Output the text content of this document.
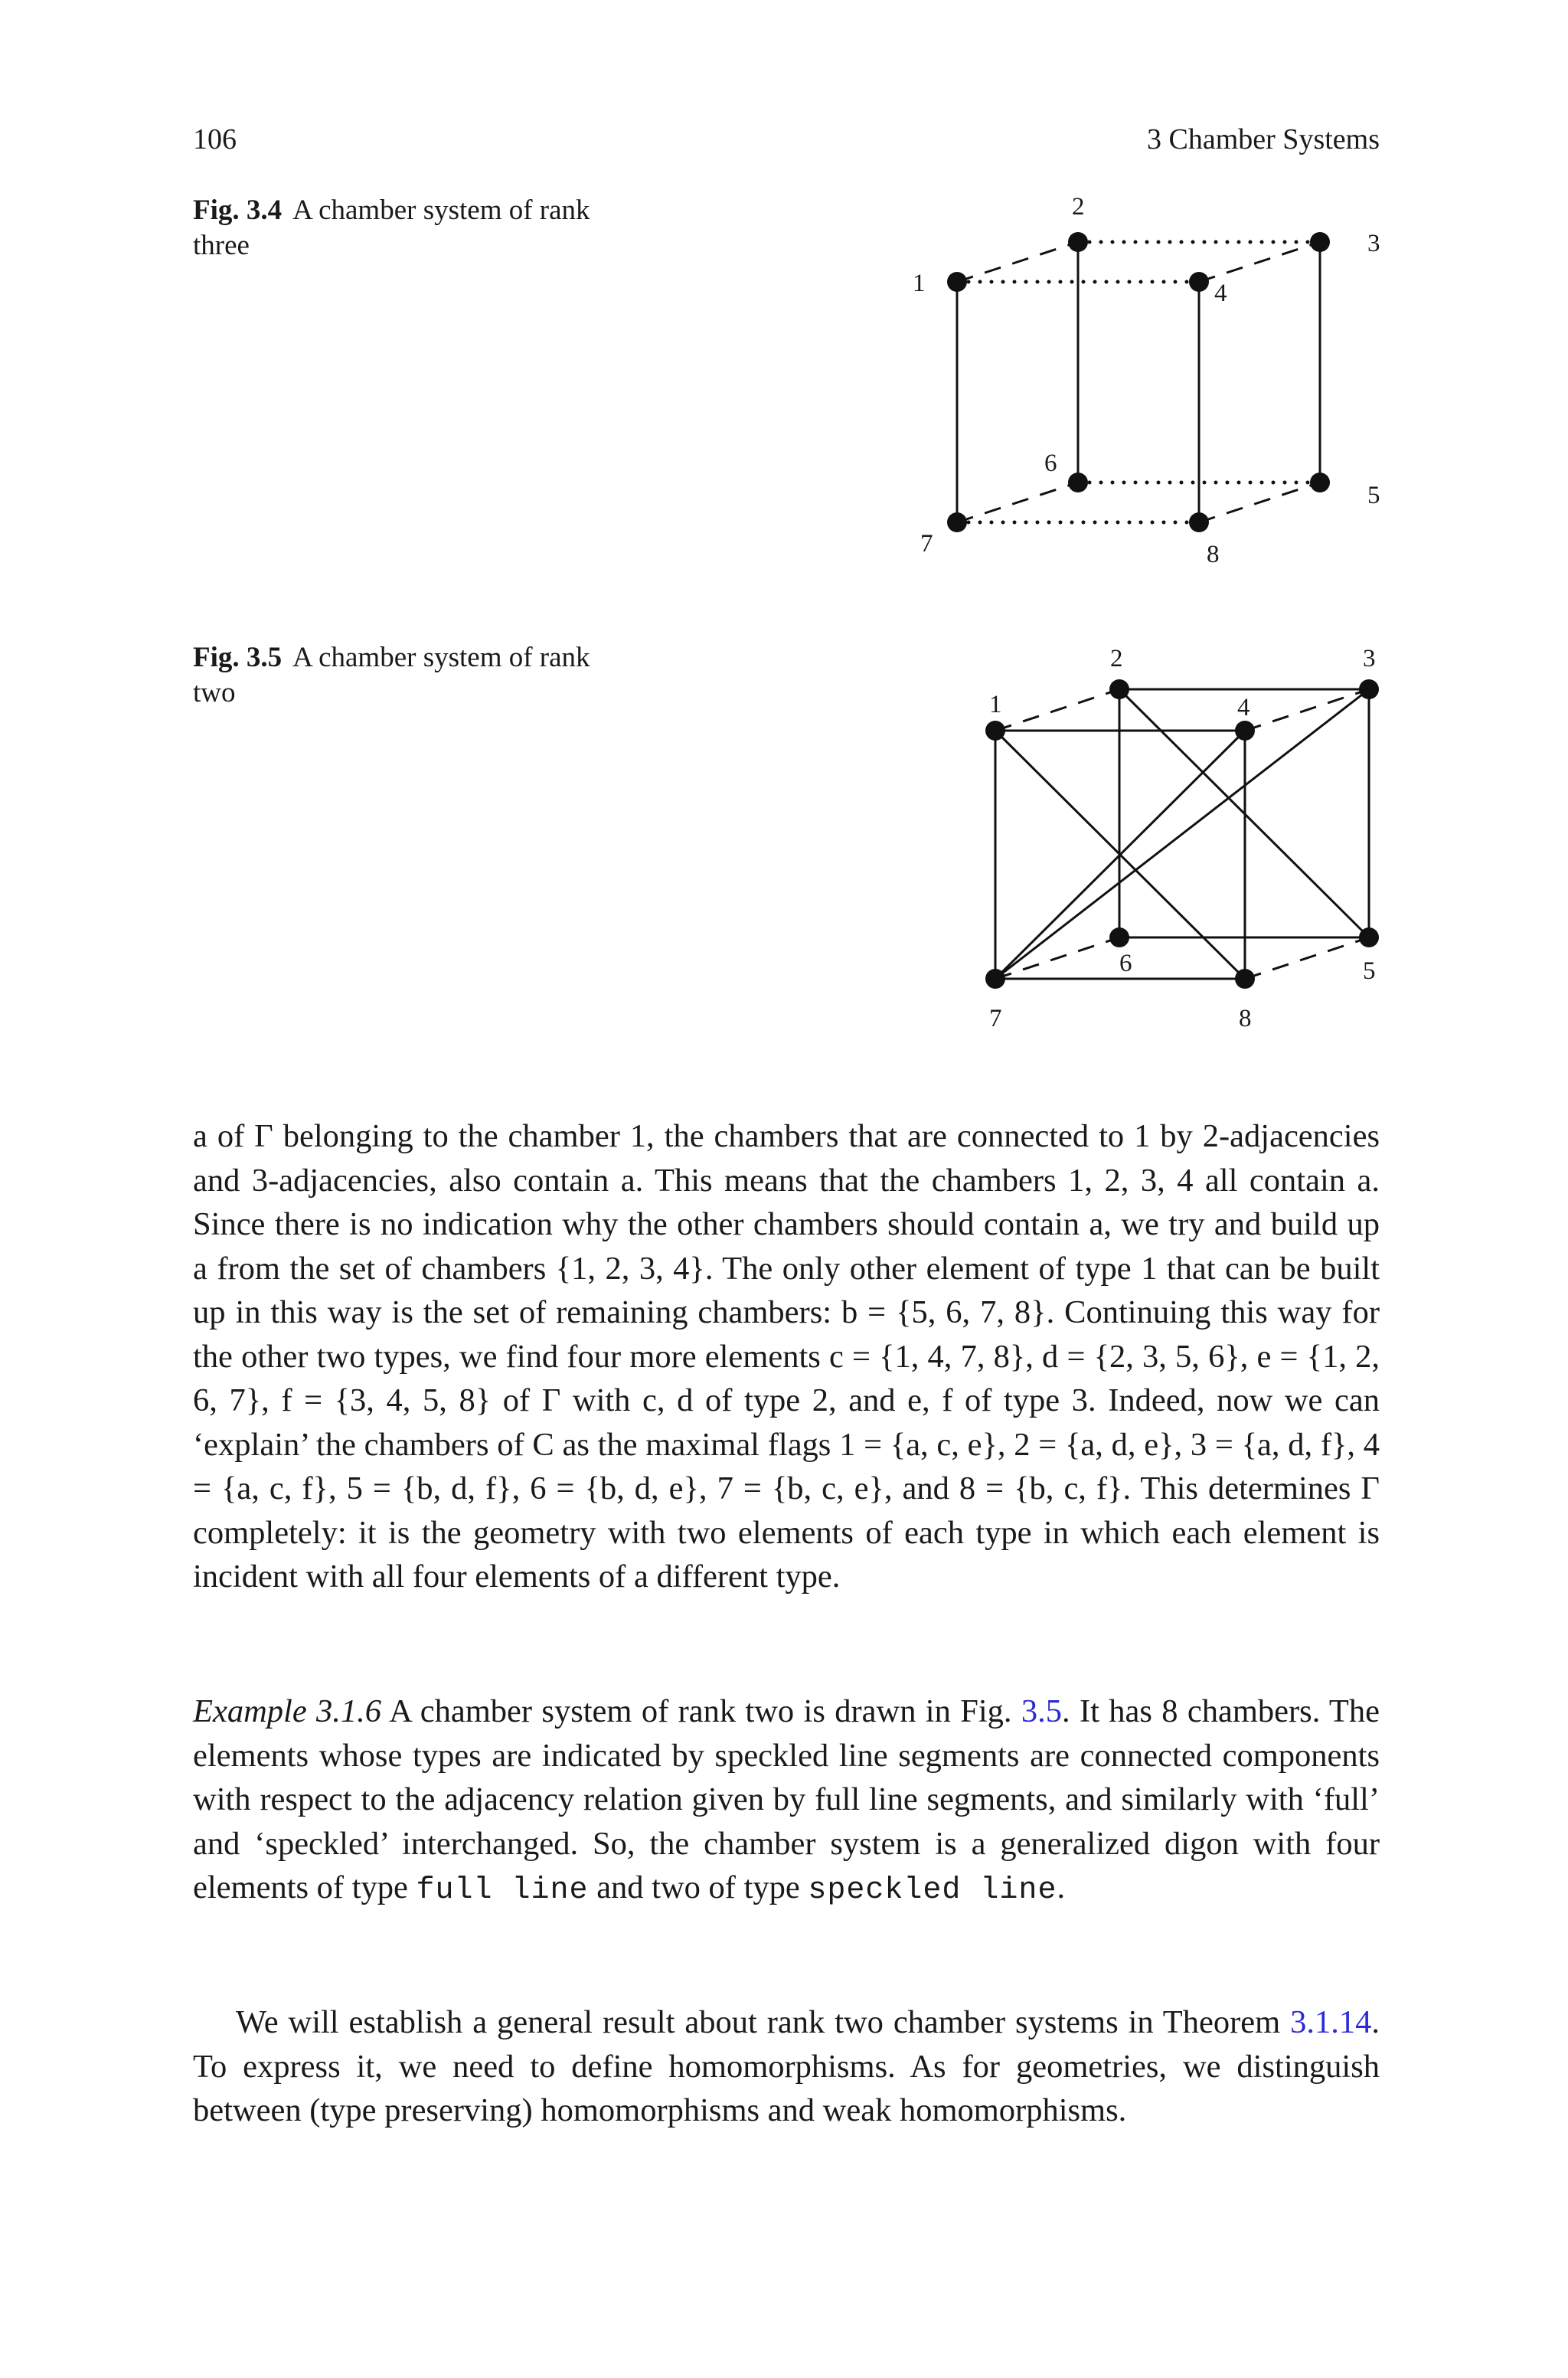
106	3 Chamber Systems
Fig. 3.4 A chamber system of rank three
1
2
3
4
5
6
7	8
Fig. 3.5 A chamber system of rank two	1
2	3
4
5
6
7	8

a of Γ belonging to the chamber 1, the chambers that are connected to 1 by 2-adjacencies and 3-adjacencies, also contain a. This means that the chambers 1, 2, 3, 4 all contain a. Since there is no indication why the other chambers should contain a, we try and build up a from the set of chambers {1, 2, 3, 4}. The only other element of type 1 that can be built up in this way is the set of remaining chambers: b = {5, 6, 7, 8}. Continuing this way for the other two types, we find four more elements c = {1, 4, 7, 8}, d = {2, 3, 5, 6}, e = {1, 2, 6, 7}, f = {3, 4, 5, 8} of Γ with c, d of type 2, and e, f of type 3. Indeed, now we can ‘explain’ the chambers of C as the maximal flags 1 = {a, c, e}, 2 = {a, d, e}, 3 = {a, d, f}, 4 = {a, c, f}, 5 = {b, d, f}, 6 = {b, d, e}, 7 = {b, c, e}, and 8 = {b, c, f}. This determines Γ completely: it is the geometry with two elements of each type in which each element is incident with all four elements of a different type.

Example 3.1.6 A chamber system of rank two is drawn in Fig. 3.5. It has 8 chambers. The elements whose types are indicated by speckled line segments are connected components with respect to the adjacency relation given by full line segments, and similarly with ‘full’ and ‘speckled’ interchanged. So, the chamber system is a generalized digon with four elements of type full line and two of type speckled line.

We will establish a general result about rank two chamber systems in Theorem 3.1.14. To express it, we need to define homomorphisms. As for geometries, we distinguish between (type preserving) homomorphisms and weak homomorphisms.
